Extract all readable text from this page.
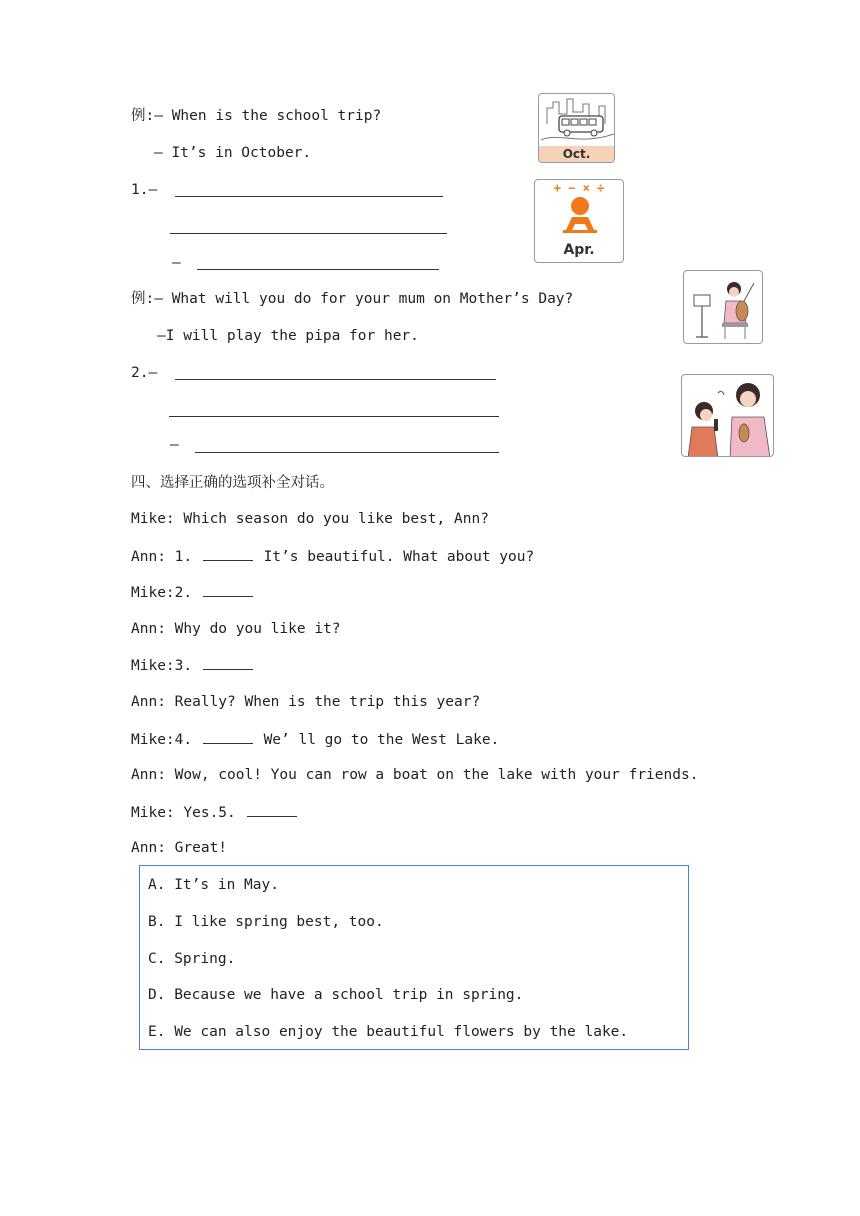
例:— When is the school trip?
— It’s in October.	Oct.
1.—
—
+ − × ÷
Apr.
例:— What will you do for your mum on Mother’s Day?
—I will play the pipa for her.
2.—
—
四、选择正确的选项补全对话。
Mike: Which season do you like best, Ann?
Ann: 1.	It’s beautiful. What about you?
Mike:2.
Ann: Why do you like it?
Mike:3.
Ann: Really? When is the trip this year?
Mike:4.	We’ ll go to the West Lake.
Ann: Wow, cool! You can row a boat on the lake with your friends.
Mike: Yes.5.
Ann: Great!
A. It’s in May.
B. I like spring best, too.
C. Spring.
D. Because we have a school trip in spring.
E. We can also enjoy the beautiful flowers by the lake.
